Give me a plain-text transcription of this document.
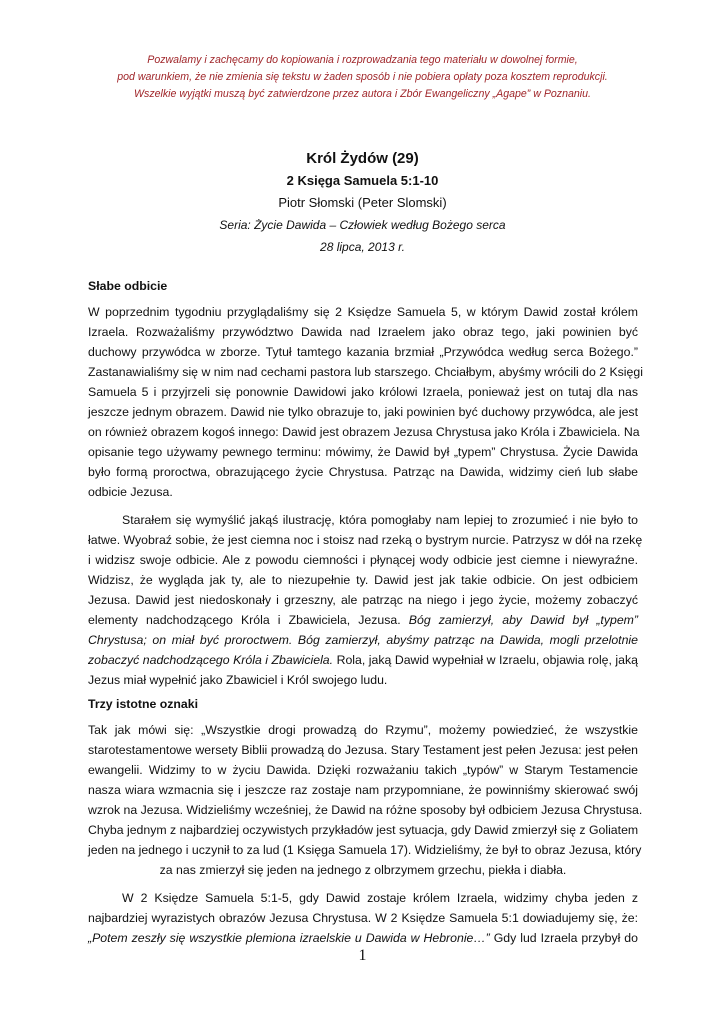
Pozwalamy i zachęcamy do kopiowania i rozprowadzania tego materiału w dowolnej formie,
pod warunkiem, że nie zmienia się tekstu w żaden sposób i nie pobiera opłaty poza kosztem reprodukcji.
Wszelkie wyjątki muszą być zatwierdzone przez autora i Zbór Ewangeliczny „Agape” w Poznaniu.
Król Żydów (29)
2 Księga Samuela 5:1-10
Piotr Słomski (Peter Slomski)
Seria: Życie Dawida – Człowiek według Bożego serca
28 lipca, 2013 r.
Słabe odbicie

W poprzednim tygodniu przyglądaliśmy się 2 Księdze Samuela 5, w którym Dawid został królem
Izraela. Rozważaliśmy przywództwo Dawida nad Izraelem jako obraz tego, jaki powinien być
duchowy przywódca w zborze. Tytuł tamtego kazania brzmiał „Przywódca według serca Bożego.”
Zastanawialiśmy się w nim nad cechami pastora lub starszego. Chciałbym, abyśmy wrócili do 2 Księgi
Samuela 5 i przyjrzeli się ponownie Dawidowi jako królowi Izraela, ponieważ jest on tutaj dla nas
jeszcze jednym obrazem. Dawid nie tylko obrazuje to, jaki powinien być duchowy przywódca, ale jest
on również obrazem kogoś innego: Dawid jest obrazem Jezusa Chrystusa jako Króla i Zbawiciela. Na
opisanie tego używamy pewnego terminu: mówimy, że Dawid był „typem” Chrystusa. Życie Dawida
było formą proroctwa, obrazującego życie Chrystusa. Patrząc na Dawida, widzimy cień lub słabe
odbicie Jezusa.

Starałem się wymyślić jakąś ilustrację, która pomogłaby nam lepiej to zrozumieć i nie było to
łatwe. Wyobraź sobie, że jest ciemna noc i stoisz nad rzeką o bystrym nurcie. Patrzysz w dół na rzekę
i widzisz swoje odbicie. Ale z powodu ciemności i płynącej wody odbicie jest ciemne i niewyraźne.
Widzisz, że wygląda jak ty, ale to niezupełnie ty. Dawid jest jak takie odbicie. On jest odbiciem
Jezusa. Dawid jest niedoskonały i grzeszny, ale patrząc na niego i jego życie, możemy zobaczyć
elementy nadchodzącego Króla i Zbawiciela, Jezusa. Bóg zamierzył, aby Dawid był „typem”
Chrystusa; on miał być proroctwem. Bóg zamierzył, abyśmy patrząc na Dawida, mogli przelotnie
zobaczyć nadchodzącego Króla i Zbawiciela. Rola, jaką Dawid wypełniał w Izraelu, objawia rolę, jaką
Jezus miał wypełnić jako Zbawiciel i Król swojego ludu.

Trzy istotne oznaki

Tak jak mówi się: „Wszystkie drogi prowadzą do Rzymu”, możemy powiedzieć, że wszystkie
starotestamentowe wersety Biblii prowadzą do Jezusa. Stary Testament jest pełen Jezusa: jest pełen
ewangelii. Widzimy to w życiu Dawida. Dzięki rozważaniu takich „typów” w Starym Testamencie
nasza wiara wzmacnia się i jeszcze raz zostaje nam przypomniane, że powinniśmy skierować swój
wzrok na Jezusa. Widzieliśmy wcześniej, że Dawid na różne sposoby był odbiciem Jezusa Chrystusa.
Chyba jednym z najbardziej oczywistych przykładów jest sytuacja, gdy Dawid zmierzył się z Goliatem
jeden na jednego i uczynił to za lud (1 Księga Samuela 17). Widzieliśmy, że był to obraz Jezusa, który
za nas zmierzył się jeden na jednego z olbrzymem grzechu, piekła i diabła.

W 2 Księdze Samuela 5:1-5, gdy Dawid zostaje królem Izraela, widzimy chyba jeden z
najbardziej wyrazistych obrazów Jezusa Chrystusa. W 2 Księdze Samuela 5:1 dowiadujemy się, że:
„Potem zeszły się wszystkie plemiona izraelskie u Dawida w Hebronie…” Gdy lud Izraela przybył do

1
